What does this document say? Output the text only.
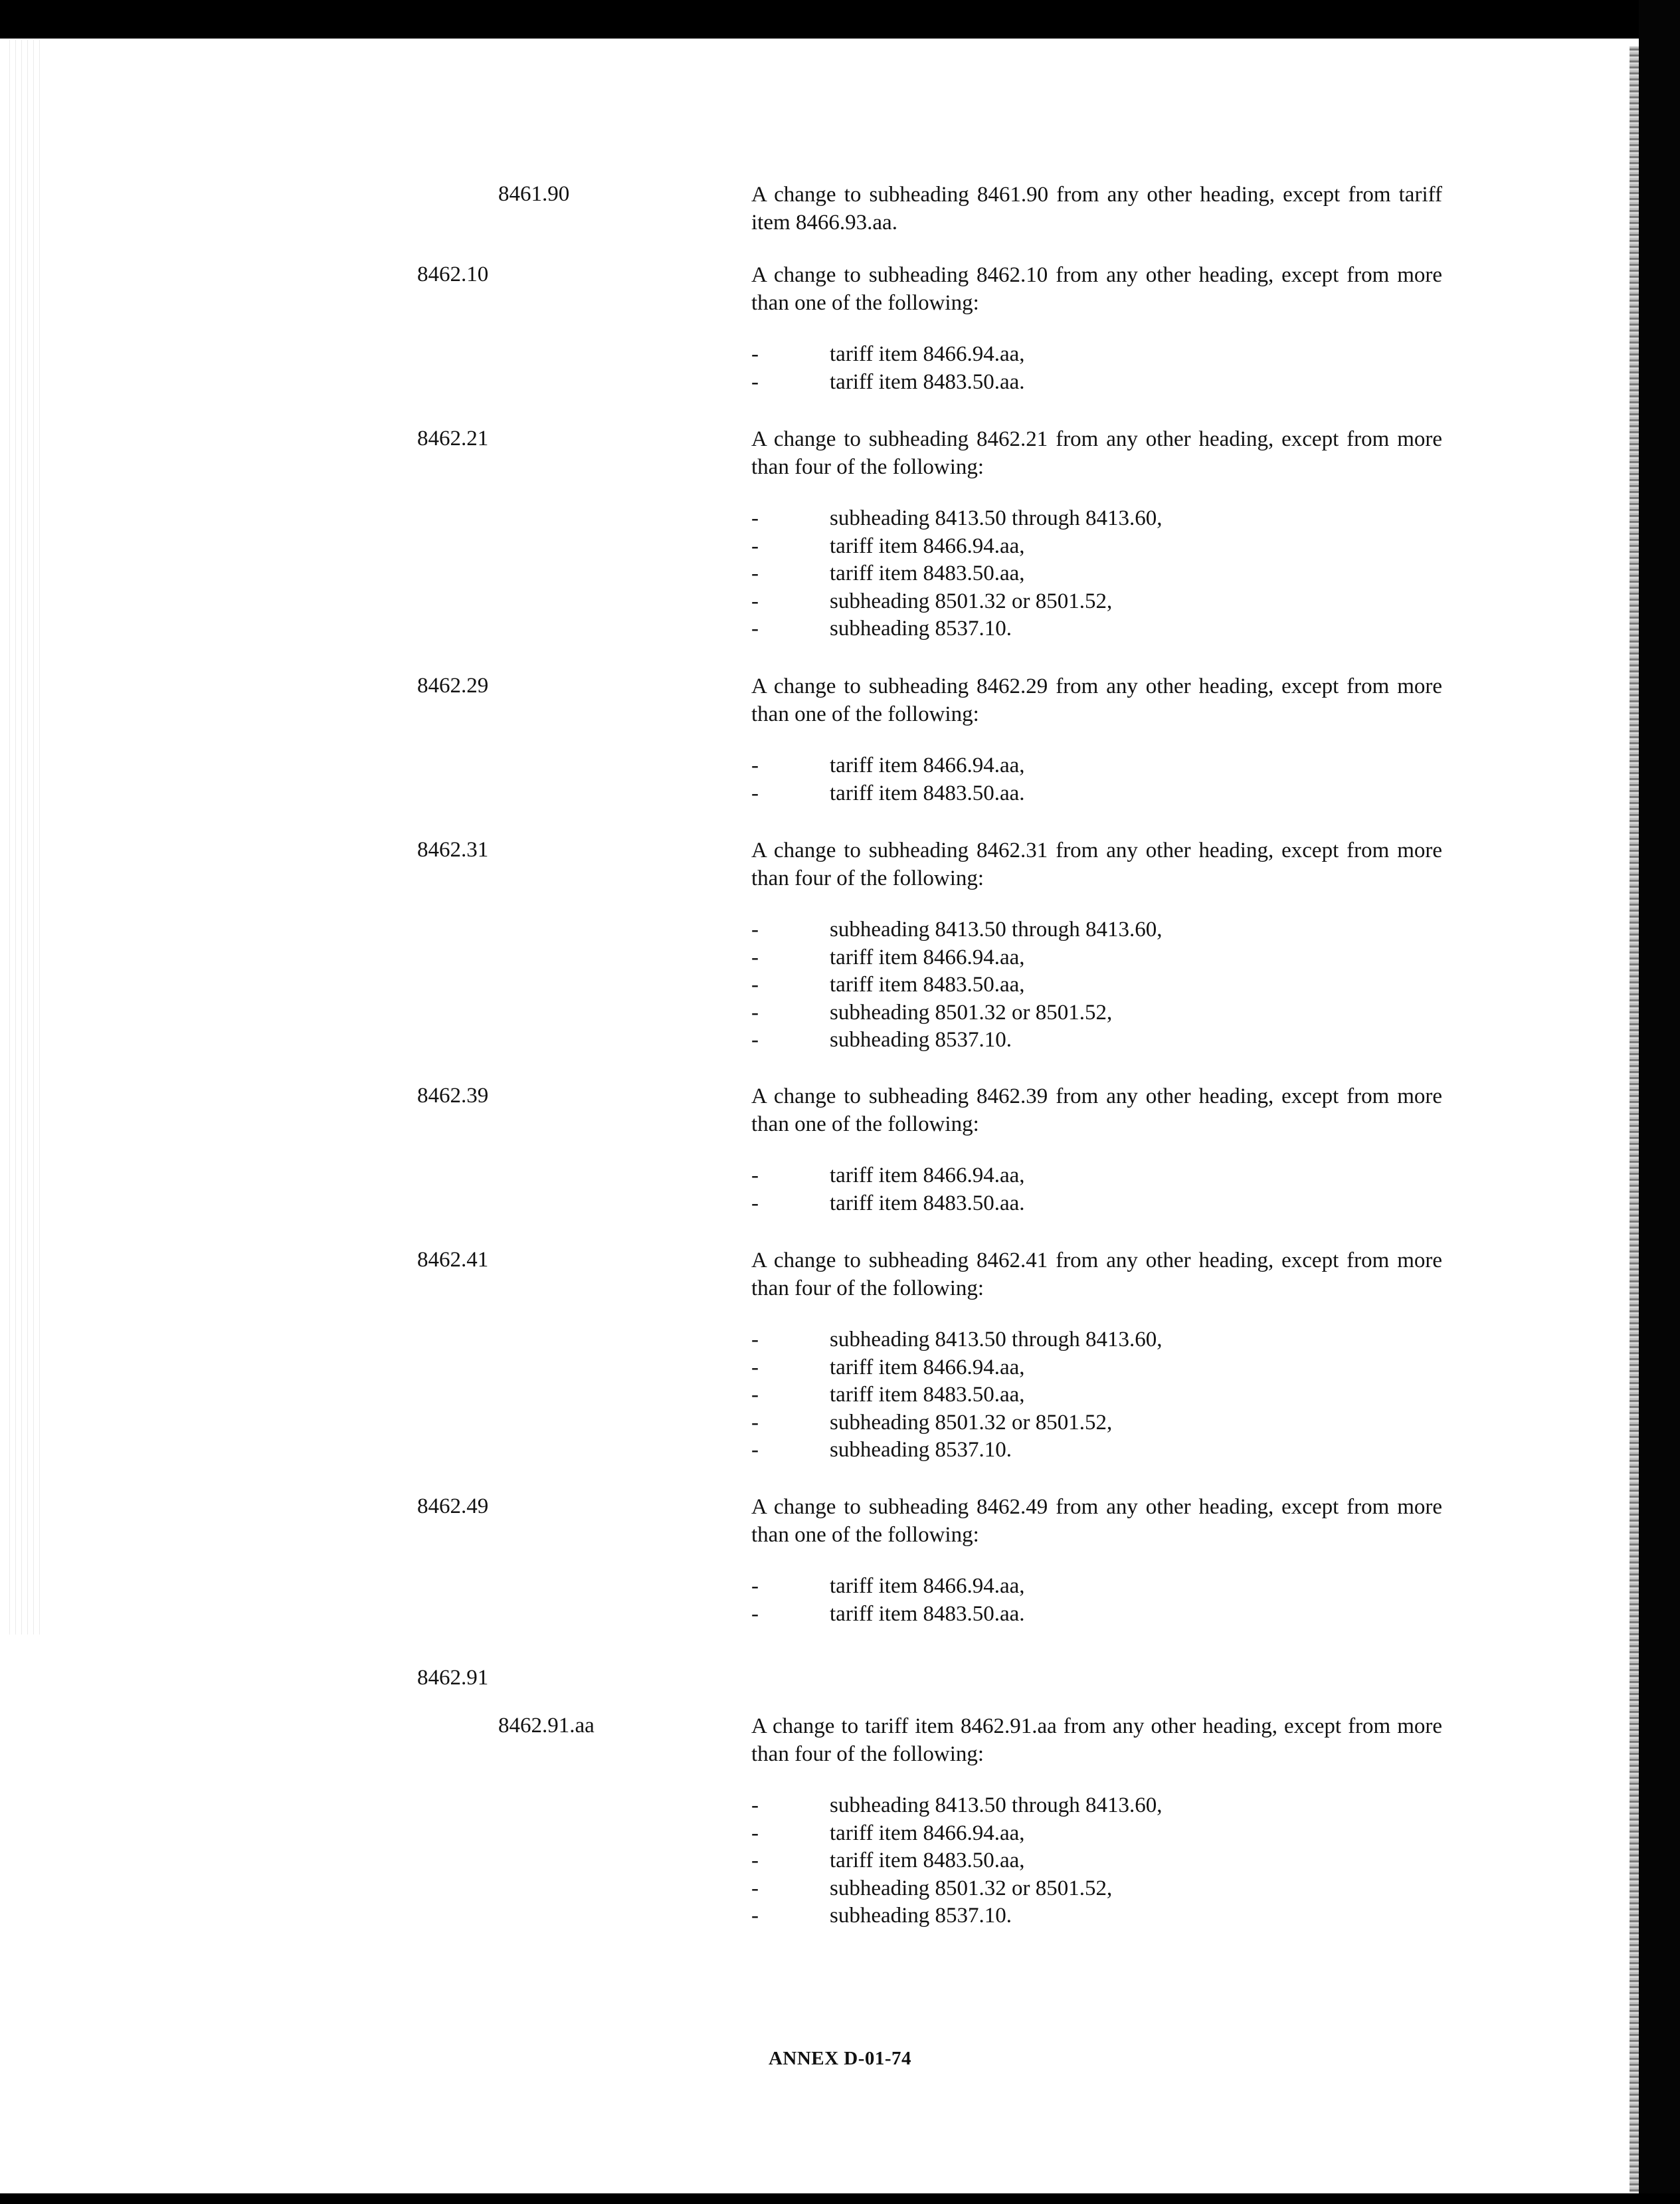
8461.90	A change to subheading 8461.90 from any other heading, except from tariff item 8466.93.aa.

8462.10	A change to subheading 8462.10 from any other heading, except from more than one of the following:

-	tariff item 8466.94.aa,
-	tariff item 8483.50.aa.
8462.21	A change to subheading 8462.21 from any other heading, except from more than four of the following:

-	subheading 8413.50 through 8413.60,
-	tariff item 8466.94.aa,
-	tariff item 8483.50.aa,
-	subheading 8501.32 or 8501.52,
-	subheading 8537.10.
8462.29	A change to subheading 8462.29 from any other heading, except from more than one of the following:

-	tariff item 8466.94.aa,
-	tariff item 8483.50.aa.
8462.31	A change to subheading 8462.31 from any other heading, except from more than four of the following:

-	subheading 8413.50 through 8413.60,
-	tariff item 8466.94.aa,
-	tariff item 8483.50.aa,
-	subheading 8501.32 or 8501.52,
-	subheading 8537.10.
8462.39	A change to subheading 8462.39 from any other heading, except from more than one of the following:

-	tariff item 8466.94.aa,
-	tariff item 8483.50.aa.
8462.41	A change to subheading 8462.41 from any other heading, except from more than four of the following:

-	subheading 8413.50 through 8413.60,
-	tariff item 8466.94.aa,
-	tariff item 8483.50.aa,
-	subheading 8501.32 or 8501.52,
-	subheading 8537.10.
8462.49	A change to subheading 8462.49 from any other heading, except from more than one of the following:

-	tariff item 8466.94.aa,
-	tariff item 8483.50.aa.
8462.91
8462.91.aa	A change to tariff item 8462.91.aa from any other heading, except from more than four of the following:

-	subheading 8413.50 through 8413.60,
-	tariff item 8466.94.aa,
-	tariff item 8483.50.aa,
-	subheading 8501.32 or 8501.52,
-	subheading 8537.10.
ANNEX D-01-74
